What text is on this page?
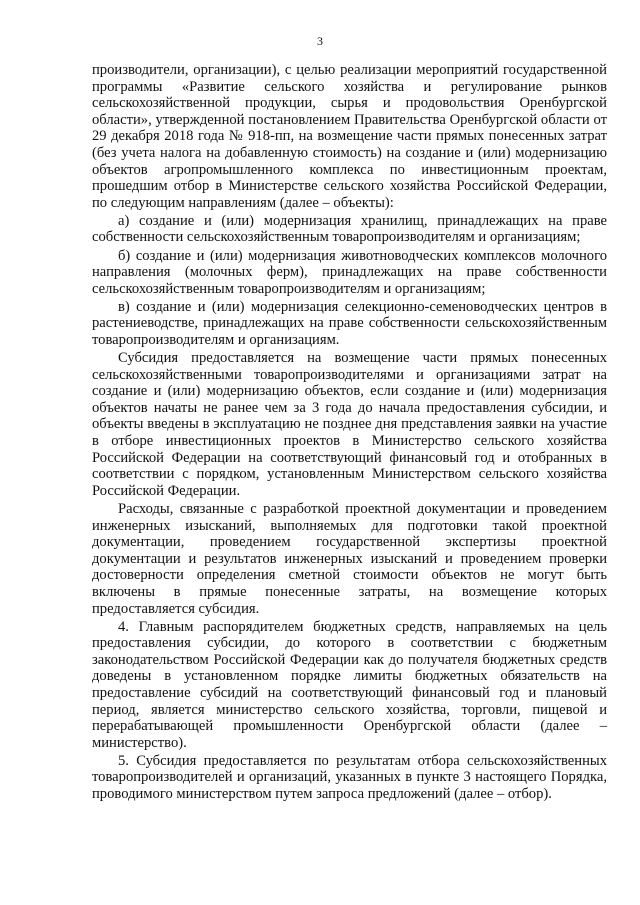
3

производители, организации), с целью реализации мероприятий государственной программы «Развитие сельского хозяйства и регулирование рынков сельскохозяйственной продукции, сырья и продовольствия Оренбургской области», утвержденной постановлением Правительства Оренбургской области от 29 декабря 2018 года № 918-пп, на возмещение части прямых понесенных затрат (без учета налога на добавленную стоимость) на создание и (или) модернизацию объектов агропромышленного комплекса по инвестиционным проектам, прошедшим отбор в Министерстве сельского хозяйства Российской Федерации, по следующим направлениям (далее – объекты):

а) создание и (или) модернизация хранилищ, принадлежащих на праве собственности сельскохозяйственным товаропроизводителям и организациям;

б) создание и (или) модернизация животноводческих комплексов молочного направления (молочных ферм), принадлежащих на праве собственности сельскохозяйственным товаропроизводителям и организациям;

в) создание и (или) модернизация селекционно-семеноводческих центров в растениеводстве, принадлежащих на праве собственности сельскохозяйственным товаропроизводителям и организациям.

Субсидия предоставляется на возмещение части прямых понесенных сельскохозяйственными товаропроизводителями и организациями затрат на создание и (или) модернизацию объектов, если создание и (или) модернизация объектов начаты не ранее чем за 3 года до начала предоставления субсидии, и объекты введены в эксплуатацию не позднее дня представления заявки на участие в отборе инвестиционных проектов в Министерство сельского хозяйства Российской Федерации на соответствующий финансовый год и отобранных в соответствии с порядком, установленным Министерством сельского хозяйства Российской Федерации.

Расходы, связанные с разработкой проектной документации и проведением инженерных изысканий, выполняемых для подготовки такой проектной документации, проведением государственной экспертизы проектной документации и результатов инженерных изысканий и проведением проверки достоверности определения сметной стоимости объектов не могут быть включены в прямые понесенные затраты, на возмещение которых предоставляется субсидия.

4. Главным распорядителем бюджетных средств, направляемых на цель предоставления субсидии, до которого в соответствии с бюджетным законодательством Российской Федерации как до получателя бюджетных средств доведены в установленном порядке лимиты бюджетных обязательств на предоставление субсидий на соответствующий финансовый год и плановый период, является министерство сельского хозяйства, торговли, пищевой и перерабатывающей промышленности Оренбургской области (далее – министерство).

5. Субсидия предоставляется по результатам отбора сельскохозяйственных товаропроизводителей и организаций, указанных в пункте 3 настоящего Порядка, проводимого министерством путем запроса предложений (далее – отбор).
